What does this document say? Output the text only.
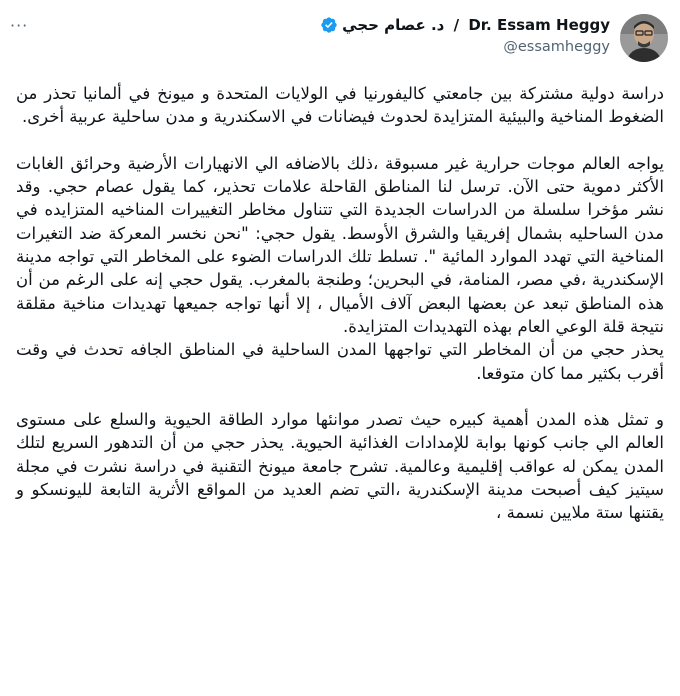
···	د. عصام حجي / Dr. Essam Heggy
@essamheggy

دراسة دولية مشتركة بين جامعتي كاليفورنيا في الولايات المتحدة و ميونخ في ألمانيا تحذر من الضغوط المناخية والبيئية المتزايدة لحدوث فيضانات في الاسكندرية و مدن ساحلية عربية أخرى.

يواجه العالم موجات حرارية غير مسبوقة ،ذلك بالاضافه الي الانهيارات الأرضية وحرائق الغابات الأكثر دموية حتى الآن. ترسل لنا المناطق القاحلة علامات تحذير، كما يقول عصام حجي. وقد نشر مؤخرا سلسلة من الدراسات الجديدة التي تتناول مخاطر التغييرات المناخيه المتزايده في مدن الساحليه بشمال إفريقيا والشرق الأوسط. يقول حجي: "نحن نخسر المعركة ضد التغيرات المناخية التي تهدد الموارد المائية ". تسلط تلك الدراسات الضوء على المخاطر التي تواجه مدينة الإسكندرية ،في مصر، المنامة، في البحرين؛ وطنجة بالمغرب. يقول حجي إنه على الرغم من أن هذه المناطق تبعد عن بعضها البعض آلاف الأميال ، إلا أنها تواجه جميعها تهديدات مناخية مقلقة نتيجة قلة الوعي العام بهذه التهديدات المتزايدة.

يحذر حجي من أن المخاطر التي تواجهها المدن الساحلية في المناطق الجافه تحدث في وقت أقرب بكثير مما كان متوقعا.

و تمثل هذه المدن أهمية كبيره حيث تصدر موانئها موارد الطاقة الحيوية والسلع على مستوى العالم الي جانب كونها بوابة للإمدادات الغذائية الحيوية. يحذر حجي من أن التدهور السريع لتلك المدن يمكن له عواقب إقليمية وعالمية. تشرح جامعة ميونخ التقنية في دراسة نشرت في مجلة سيتيز كيف أصبحت مدينة الإسكندرية ،التي تضم العديد من المواقع الأثرية التابعة لليونسكو و يقتنها ستة ملايين نسمة ،
